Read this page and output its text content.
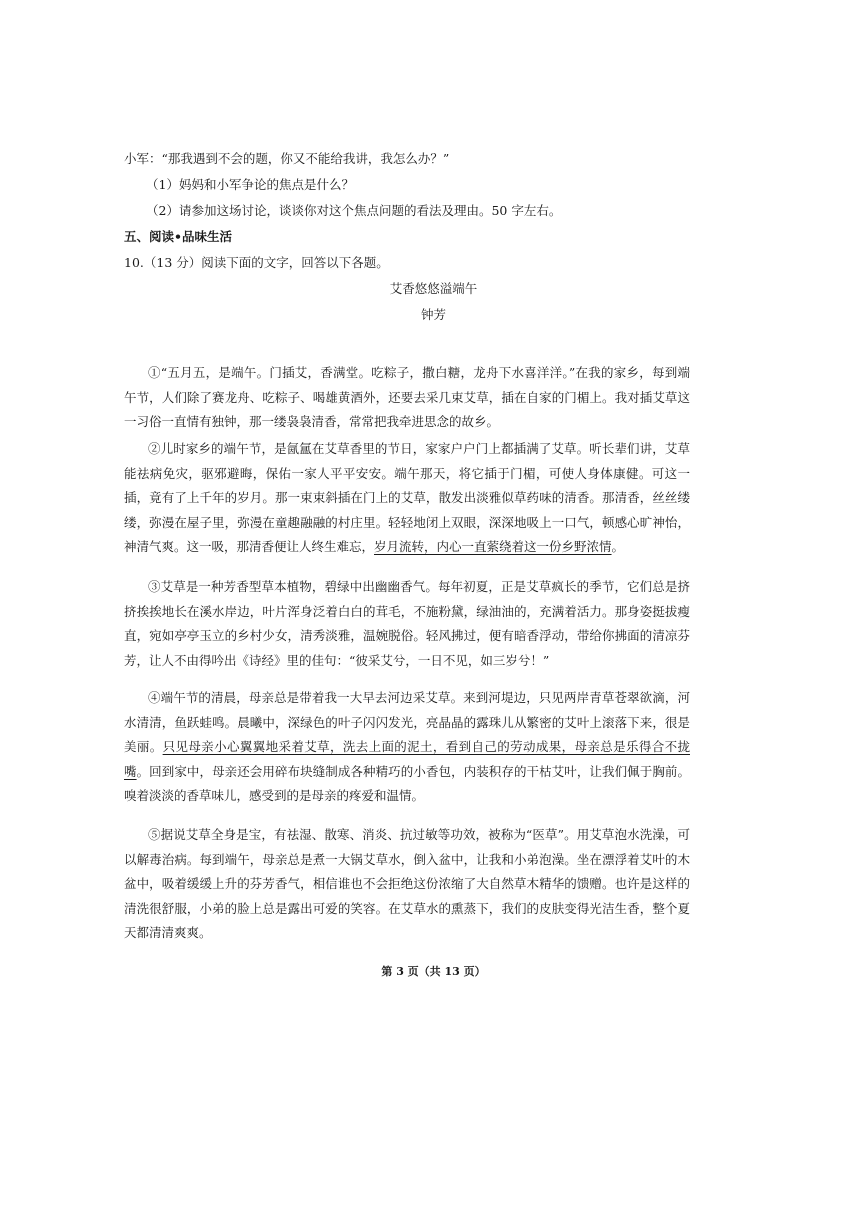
小军：“那我遇到不会的题，你又不能给我讲，我怎么办？”
（1）妈妈和小军争论的焦点是什么？
（2）请参加这场讨论，谈谈你对这个焦点问题的看法及理由。50 字左右。
五、阅读•品味生活
10.（13 分）阅读下面的文字，回答以下各题。
艾香悠悠溢端午
钟芳
①“五月五，是端午。门插艾，香满堂。吃粽子，撒白糖，龙舟下水喜洋洋。”在我的家乡，每到端午节，人们除了赛龙舟、吃粽子、喝雄黄酒外，还要去采几束艾草，插在自家的门楣上。我对插艾草这一习俗一直情有独钟，那一缕袅袅清香，常常把我牵进思念的故乡。
②儿时家乡的端午节，是氤氲在艾草香里的节日，家家户户门上都插满了艾草。听长辈们讲，艾草能祛病免灾，驱邪避晦，保佑一家人平平安安。端午那天，将它插于门楣，可使人身体康健。可这一插，竟有了上千年的岁月。那一束束斜插在门上的艾草，散发出淡雅似草药味的清香。那清香，丝丝缕缕，弥漫在屋子里，弥漫在童趣融融的村庄里。轻轻地闭上双眼，深深地吸上一口气，顿感心旷神怡，神清气爽。这一吸，那清香便让人终生难忘，岁月流转，内心一直萦绕着这一份乡野浓情。
③艾草是一种芳香型草本植物，碧绿中出幽幽香气。每年初夏，正是艾草疯长的季节，它们总是挤挤挨挨地长在溪水岸边，叶片浑身泛着白白的茸毛，不施粉黛，绿油油的，充满着活力。那身姿挺拔瘦直，宛如亭亭玉立的乡村少女，清秀淡雅，温婉脱俗。轻风拂过，便有暗香浮动，带给你拂面的清凉芬芳，让人不由得吟出《诗经》里的佳句：“彼采艾兮，一日不见，如三岁兮！”
④端午节的清晨，母亲总是带着我一大早去河边采艾草。来到河堤边，只见两岸青草苍翠欲滴，河水清清，鱼跃蛙鸣。晨曦中，深绿色的叶子闪闪发光，亮晶晶的露珠儿从繁密的艾叶上滚落下来，很是美丽。只见母亲小心翼翼地采着艾草，洗去上面的泥土，看到自己的劳动成果，母亲总是乐得合不拢嘴。回到家中，母亲还会用碎布块缝制成各种精巧的小香包，内装积存的干枯艾叶，让我们佩于胸前。嗅着淡淡的香草味儿，感受到的是母亲的疼爱和温情。
⑤据说艾草全身是宝，有祛湿、散寒、消炎、抗过敏等功效，被称为“医草”。用艾草泡水洗澡，可以解毒治病。每到端午，母亲总是煮一大锅艾草水，倒入盆中，让我和小弟泡澡。坐在漂浮着艾叶的木盆中，吸着缓缓上升的芬芳香气，相信谁也不会拒绝这份浓缩了大自然草木精华的馈赠。也许是这样的清洗很舒服，小弟的脸上总是露出可爱的笑容。在艾草水的熏蒸下，我们的皮肤变得光洁生香，整个夏天都清清爽爽。
第 3 页（共 13 页）
